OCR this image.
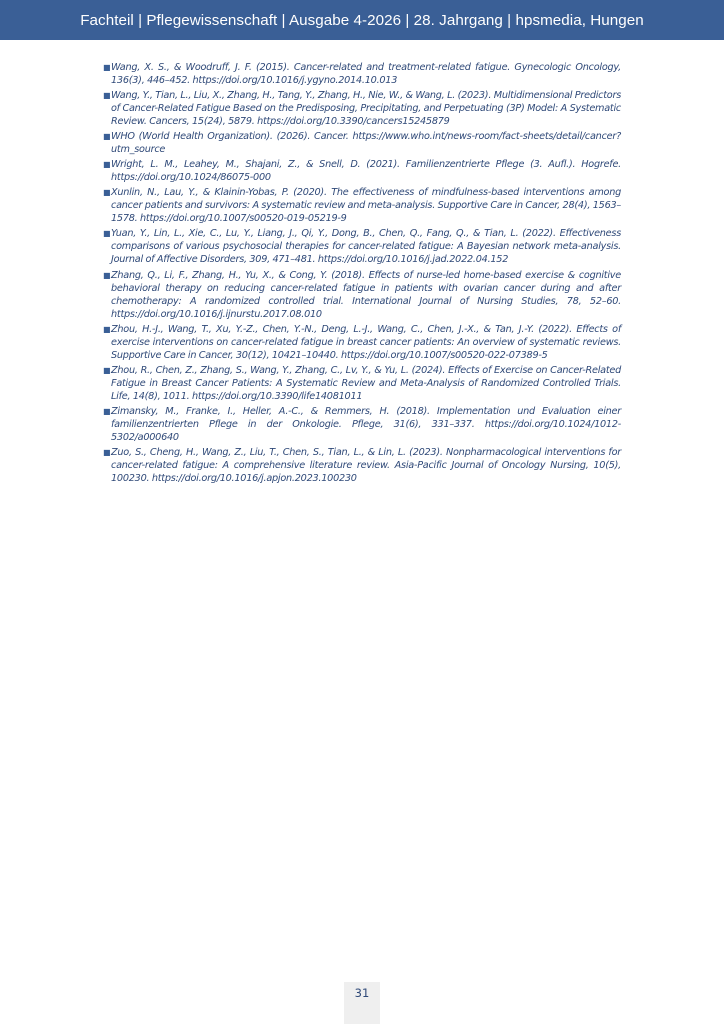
Fachteil | Pflegewissenschaft | Ausgabe 4-2026 | 28. Jahrgang | hpsmedia, Hungen
■ Wang, X. S., & Woodruff, J. F. (2015). Cancer-related and treatment-related fatigue. Gynecologic Oncology, 136(3), 446–452. https://doi.org/10.1016/j.ygyno.2014.10.013
■ Wang, Y., Tian, L., Liu, X., Zhang, H., Tang, Y., Zhang, H., Nie, W., & Wang, L. (2023). Multidimensional Predictors of Cancer-Related Fatigue Based on the Predisposing, Precipitating, and Perpetuating (3P) Model: A Systematic Review. Cancers, 15(24), 5879. https://doi.org/10.3390/cancers15245879
■ WHO (World Health Organization). (2026). Cancer. https://www.who.int/news-room/fact-sheets/detail/cancer?utm_source
■ Wright, L. M., Leahey, M., Shajani, Z., & Snell, D. (2021). Familienzentrierte Pflege (3. Aufl.). Hogrefe. https://doi.org/10.1024/86075-000
■ Xunlin, N., Lau, Y., & Klainin-Yobas, P. (2020). The effectiveness of mindfulness-based interventions among cancer patients and survivors: A systematic review and meta-analysis. Supportive Care in Cancer, 28(4), 1563–1578. https://doi.org/10.1007/s00520-019-05219-9
■ Yuan, Y., Lin, L., Xie, C., Lu, Y., Liang, J., Qi, Y., Dong, B., Chen, Q., Fang, Q., & Tian, L. (2022). Effectiveness comparisons of various psychosocial therapies for cancer-related fatigue: A Bayesian network meta-analysis. Journal of Affective Disorders, 309, 471–481. https://doi.org/10.1016/j.jad.2022.04.152
■ Zhang, Q., Li, F., Zhang, H., Yu, X., & Cong, Y. (2018). Effects of nurse-led home-based exercise & cognitive behavioral therapy on reducing cancer-related fatigue in patients with ovarian cancer during and after chemotherapy: A randomized controlled trial. International Journal of Nursing Studies, 78, 52–60. https://doi.org/10.1016/j.ijnurstu.2017.08.010
■ Zhou, H.-J., Wang, T., Xu, Y.-Z., Chen, Y.-N., Deng, L.-J., Wang, C., Chen, J.-X., & Tan, J.-Y. (2022). Effects of exercise interventions on cancer-related fatigue in breast cancer patients: An overview of systematic reviews. Supportive Care in Cancer, 30(12), 10421–10440. https://doi.org/10.1007/s00520-022-07389-5
■ Zhou, R., Chen, Z., Zhang, S., Wang, Y., Zhang, C., Lv, Y., & Yu, L. (2024). Effects of Exercise on Cancer-Related Fatigue in Breast Cancer Patients: A Systematic Review and Meta-Analysis of Randomized Controlled Trials. Life, 14(8), 1011. https://doi.org/10.3390/life14081011
■ Zimansky, M., Franke, I., Heller, A.-C., & Remmers, H. (2018). Implementation und Evaluation einer familienzentrierten Pflege in der Onkologie. Pflege, 31(6), 331–337. https://doi.org/10.1024/1012-5302/a000640
■ Zuo, S., Cheng, H., Wang, Z., Liu, T., Chen, S., Tian, L., & Lin, L. (2023). Nonpharmacological interventions for cancer-related fatigue: A comprehensive literature review. Asia-Pacific Journal of Oncology Nursing, 10(5), 100230. https://doi.org/10.1016/j.apjon.2023.100230
31
